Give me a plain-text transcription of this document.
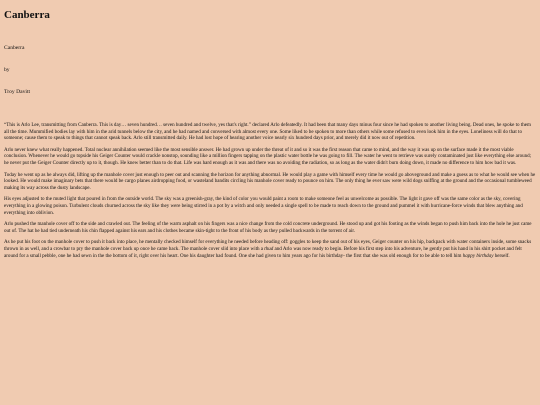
Canberra

Canberra

by

Troy Davitt

“This is Arlo Lee, transmitting from Canberra. This is day… seven hundred… seven hundred and twelve, yes that's right.” declared Arlo defeatedly. It had been that many days minus four since he had spoken to another living being. Dead ones, he spoke to them all the time. Mummified bodies lay with him in the arid tunnels below the city, and he had named and conversed with almost every one. Some liked to be spoken to more than others while some refused to even look him in the eyes. Loneliness will do that to someone; cause them to speak to things that cannot speak back. Arlo still transmitted daily. He had lost hope of hearing another voice nearly six hundred days prior, and merely did it now out of repetition.

Arlo never knew what really happened. Total nuclear annihilation seemed like the most sensible answer. He had grown up under the threat of it and so it was the first reason that came to mind, and the way it was up on the surface made it the most viable conclusion. Whenever he would go topside his Geiger Counter would crackle nonstop, sounding like a million fingers tapping on the plastic water bottle he was going to fill. The water he went to retrieve was surely contaminated just like everything else around; he never put the Geiger Counter directly up to it, though. He knew better than to do that. Life was hard enough as it was and there was no avoiding the radiation, so as long as the water didn't burn doing down, it made no difference to him how bad it was.

Today he went up as he always did, lifting up the manhole cover just enough to peer out and scanning the horizon for anything abnormal. He would play a game with himself every time he would go aboveground and make a guess as to what he would see when he looked. He would make imaginary bets that there would be cargo planes airdropping food, or wasteland bandits circling his manhole cover ready to pounce on him. The only thing he ever saw were wild dogs sniffing at the ground and the occasional tumbleweed making its way across the dusty landscape.

His eyes adjusted to the muted light that poured in from the outside world. The sky was a greenish-gray, the kind of color you would paint a room to make someone feel as unwelcome as possible. The light it gave off was the same color as the sky, covering everything in a glowing poison. Turbulent clouds churned across the sky like they were being stirred in a pot by a witch and only needed a single spell to be made to reach down to the ground and pummel it with hurricane-force winds that blew anything and everything into oblivion.

Arlo pushed the manhole cover off to the side and crawled out. The feeling of the warm asphalt on his fingers was a nice change from the cold concrete underground. He stood up and got his footing as the winds began to push him back into the hole he just came out of. The hat he had tied underneath his chin flapped against his ears and his clothes became skin-tight to the front of his body as they pulled backwards in the torrent of air.

As he put his foot on the manhole cover to push it back into place, he mentally checked himself for everything he needed before heading off: goggles to keep the sand out of his eyes, Geiger counter on his hip, backpack with water containers inside, some snacks thrown in as well, and a crowbar to pry the manhole cover back up once he came back. The manhole cover slid into place with a thud and Arlo was now ready to begin. Before his first step into his adventure, he gently put his hand in his shirt pocket and felt around for a small pebble, one he had sewn in the the bottom of it, right over his heart. One his daughter had found. One she had given to him years ago for his birthday- the first that she was old enough for to be able to tell him happy birthday herself.
